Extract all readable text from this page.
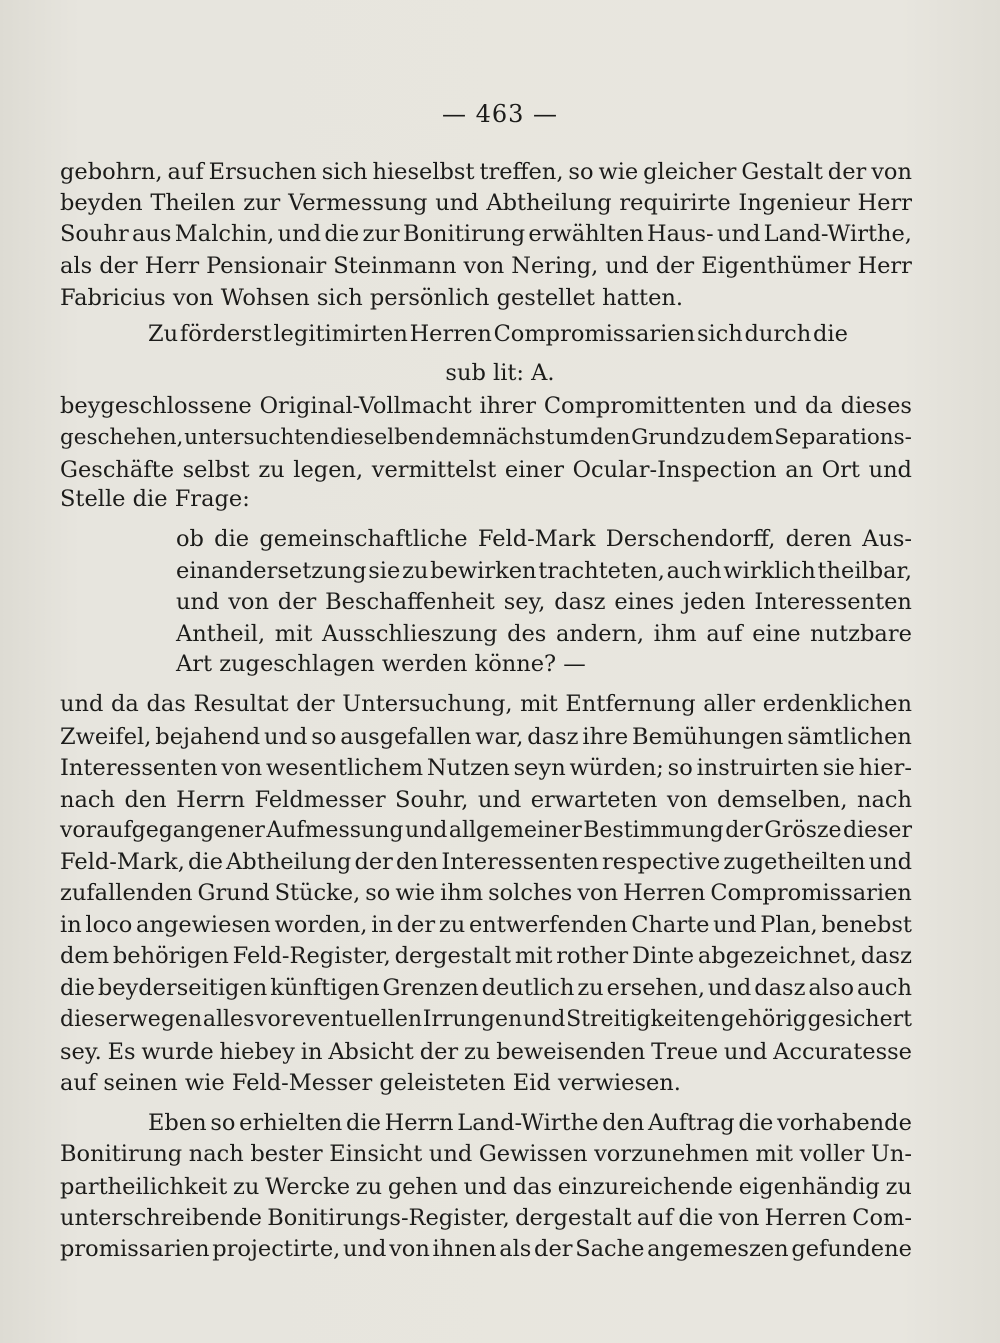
— 463 —
gebohrn, auf Ersuchen sich hieselbst treffen, so wie gleicher Gestalt der von
beyden Theilen zur Vermessung und Abtheilung requirirte Ingenieur Herr
Souhr aus Malchin, und die zur Bonitirung erwählten Haus- und Land-Wirthe,
als der Herr Pensionair Steinmann von Nering, und der Eigenthümer Herr
Fabricius von Wohsen sich persönlich gestellet hatten.
Zu förderst legitimirten Herren Compromissarien sich durch die
sub lit: A.
beygeschlossene Original-Vollmacht ihrer Compromittenten und da dieses
geschehen, untersuchten dieselben demnächst um den Grund zu dem Separations-
Geschäfte selbst zu legen, vermittelst einer Ocular-Inspection an Ort und
Stelle die Frage:
ob die gemeinschaftliche Feld-Mark Derschendorff, deren Aus-
einandersetzung sie zu bewirken trachteten, auch wirklich theilbar,
und von der Beschaffenheit sey, dasz eines jeden Interessenten
Antheil, mit Ausschlieszung des andern, ihm auf eine nutzbare
Art zugeschlagen werden könne? —
und da das Resultat der Untersuchung, mit Entfernung aller erdenklichen
Zweifel, bejahend und so ausgefallen war, dasz ihre Bemühungen sämtlichen
Interessenten von wesentlichem Nutzen seyn würden; so instruirten sie hier-
nach den Herrn Feldmesser Souhr, und erwarteten von demselben, nach
voraufgegangener Aufmessung und allgemeiner Bestimmung der Grösze dieser
Feld-Mark, die Abtheilung der den Interessenten respective zugetheilten und
zufallenden Grund Stücke, so wie ihm solches von Herren Compromissarien
in loco angewiesen worden, in der zu entwerfenden Charte und Plan, benebst
dem behörigen Feld-Register, dergestalt mit rother Dinte abgezeichnet, dasz
die beyderseitigen künftigen Grenzen deutlich zu ersehen, und dasz also auch
dieserwegen alles vor eventuellen Irrungen und Streitigkeiten gehörig gesichert
sey. Es wurde hiebey in Absicht der zu beweisenden Treue und Accuratesse
auf seinen wie Feld-Messer geleisteten Eid verwiesen.
Eben so erhielten die Herrn Land-Wirthe den Auftrag die vorhabende
Bonitirung nach bester Einsicht und Gewissen vorzunehmen mit voller Un-
partheilichkeit zu Wercke zu gehen und das einzureichende eigenhändig zu
unterschreibende Bonitirungs-Register, dergestalt auf die von Herren Com-
promissarien projectirte, und von ihnen als der Sache angemeszen gefundene
